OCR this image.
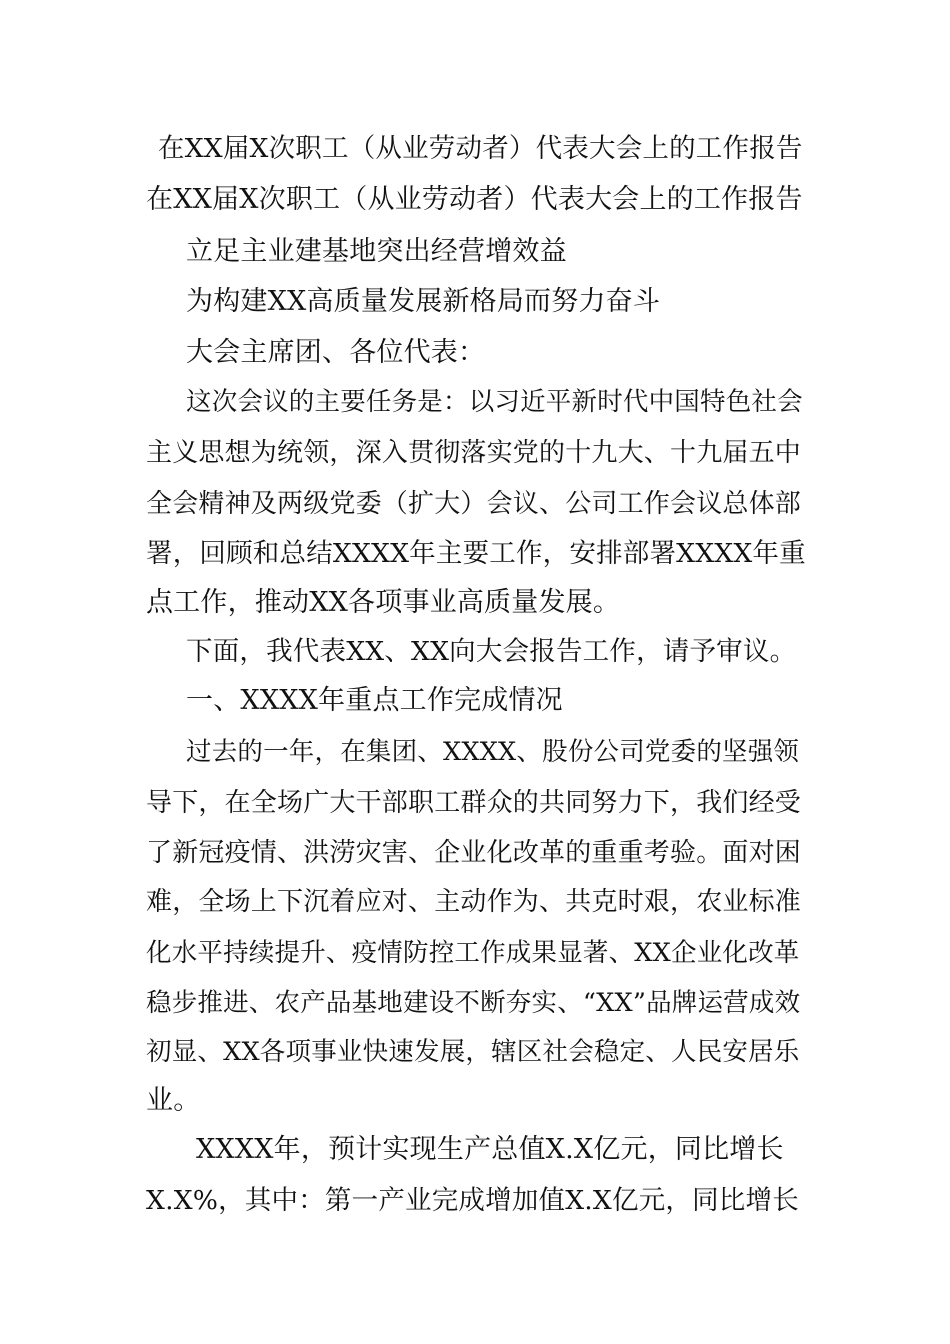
在XX届X次职工（从业劳动者）代表大会上的工作报告
在XX届X次职工（从业劳动者）代表大会上的工作报告
立足主业建基地突出经营增效益
为构建XX高质量发展新格局而努力奋斗
大会主席团、各位代表：
这次会议的主要任务是：以习近平新时代中国特色社会
主义思想为统领，深入贯彻落实党的十九大、十九届五中
全会精神及两级党委（扩大）会议、公司工作会议总体部
署，回顾和总结XXXX年主要工作，安排部署XXXX年重
点工作，推动XX各项事业高质量发展。
下面，我代表XX、XX向大会报告工作，请予审议。
一、XXXX年重点工作完成情况
过去的一年，在集团、XXXX、股份公司党委的坚强领
导下，在全场广大干部职工群众的共同努力下，我们经受
了新冠疫情、洪涝灾害、企业化改革的重重考验。面对困
难，全场上下沉着应对、主动作为、共克时艰，农业标准
化水平持续提升、疫情防控工作成果显著、XX企业化改革
稳步推进、农产品基地建设不断夯实、“XX”品牌运营成效
初显、XX各项事业快速发展，辖区社会稳定、人民安居乐
业。
XXXX年，预计实现生产总值X.X亿元，同比增长
X.X%，其中：第一产业完成增加值X.X亿元，同比增长
